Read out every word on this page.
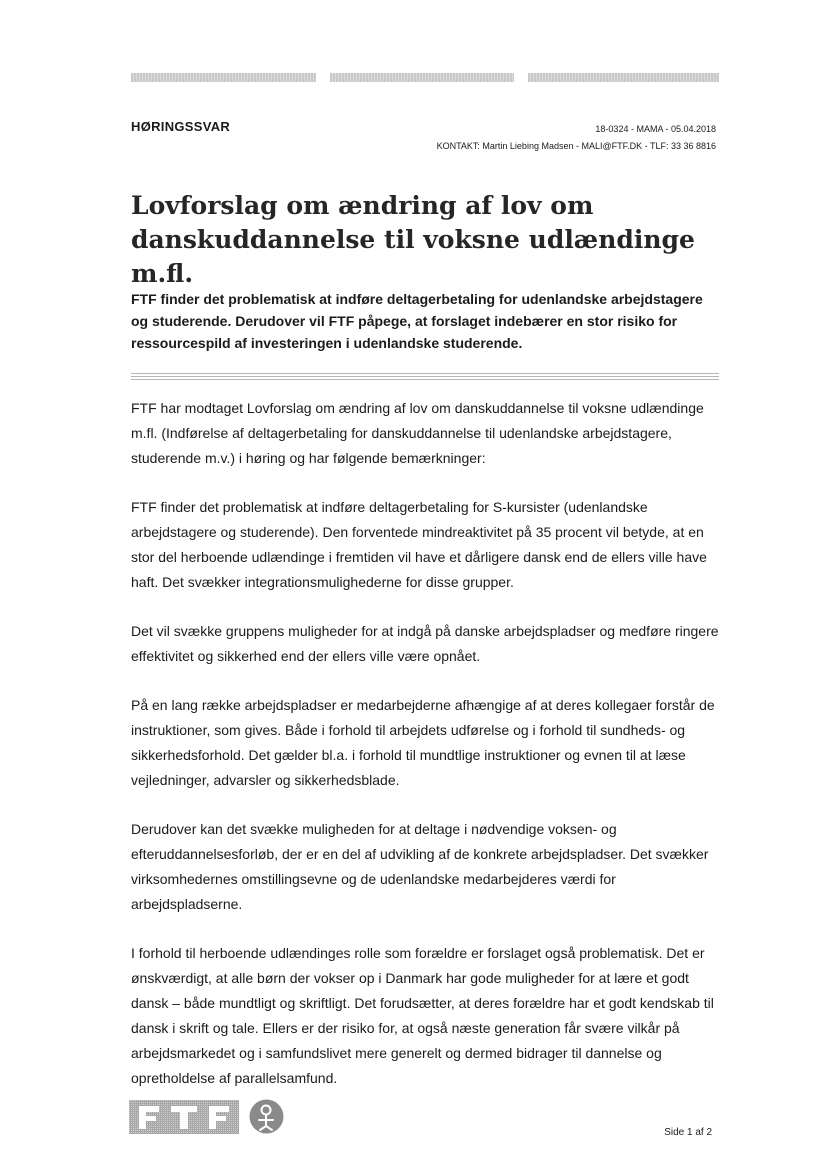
HØRINGSSVAR	18-0324 - MAMA - 05.04.2018
KONTAKT: Martin Liebing Madsen - MALI@FTF.DK - TLF: 33 36 8816
Lovforslag om ændring af lov om danskuddannelse til voksne udlændinge m.fl.

FTF finder det problematisk at indføre deltagerbetaling for udenlandske arbejdstagere og studerende. Derudover vil FTF påpege, at forslaget indebærer en stor risiko for ressourcespild af investeringen i udenlandske studerende.

FTF har modtaget Lovforslag om ændring af lov om danskuddannelse til voksne udlændinge m.fl. (Indførelse af deltagerbetaling for danskuddannelse til udenlandske arbejdstagere, studerende m.v.) i høring og har følgende bemærkninger:

FTF finder det problematisk at indføre deltagerbetaling for S-kursister (udenlandske arbejdstagere og studerende). Den forventede mindreaktivitet på 35 procent vil betyde, at en stor del herboende udlændinge i fremtiden vil have et dårligere dansk end de ellers ville have haft. Det svækker integrationsmulighederne for disse grupper.

Det vil svække gruppens muligheder for at indgå på danske arbejdspladser og medføre ringere effektivitet og sikkerhed end der ellers ville være opnået.

På en lang række arbejdspladser er medarbejderne afhængige af at deres kollegaer forstår de instruktioner, som gives. Både i forhold til arbejdets udførelse og i forhold til sundheds- og sikkerhedsforhold. Det gælder bl.a. i forhold til mundtlige instruktioner og evnen til at læse vejledninger, advarsler og sikkerhedsblade.

Derudover kan det svække muligheden for at deltage i nødvendige voksen- og efteruddannelsesforløb, der er en del af udvikling af de konkrete arbejdspladser. Det svækker virksomhedernes omstillingsevne og de udenlandske medarbejderes værdi for arbejdspladserne.

I forhold til herboende udlændinges rolle som forældre er forslaget også problematisk. Det er ønskværdigt, at alle børn der vokser op i Danmark har gode muligheder for at lære et godt dansk – både mundtligt og skriftligt. Det forudsætter, at deres forældre har et godt kendskab til dansk i skrift og tale. Ellers er der risiko for, at også næste generation får svære vilkår på arbejdsmarkedet og i samfundslivet mere generelt og dermed bidrager til dannelse og opretholdelse af parallelsamfund.

Side 1 af 2
